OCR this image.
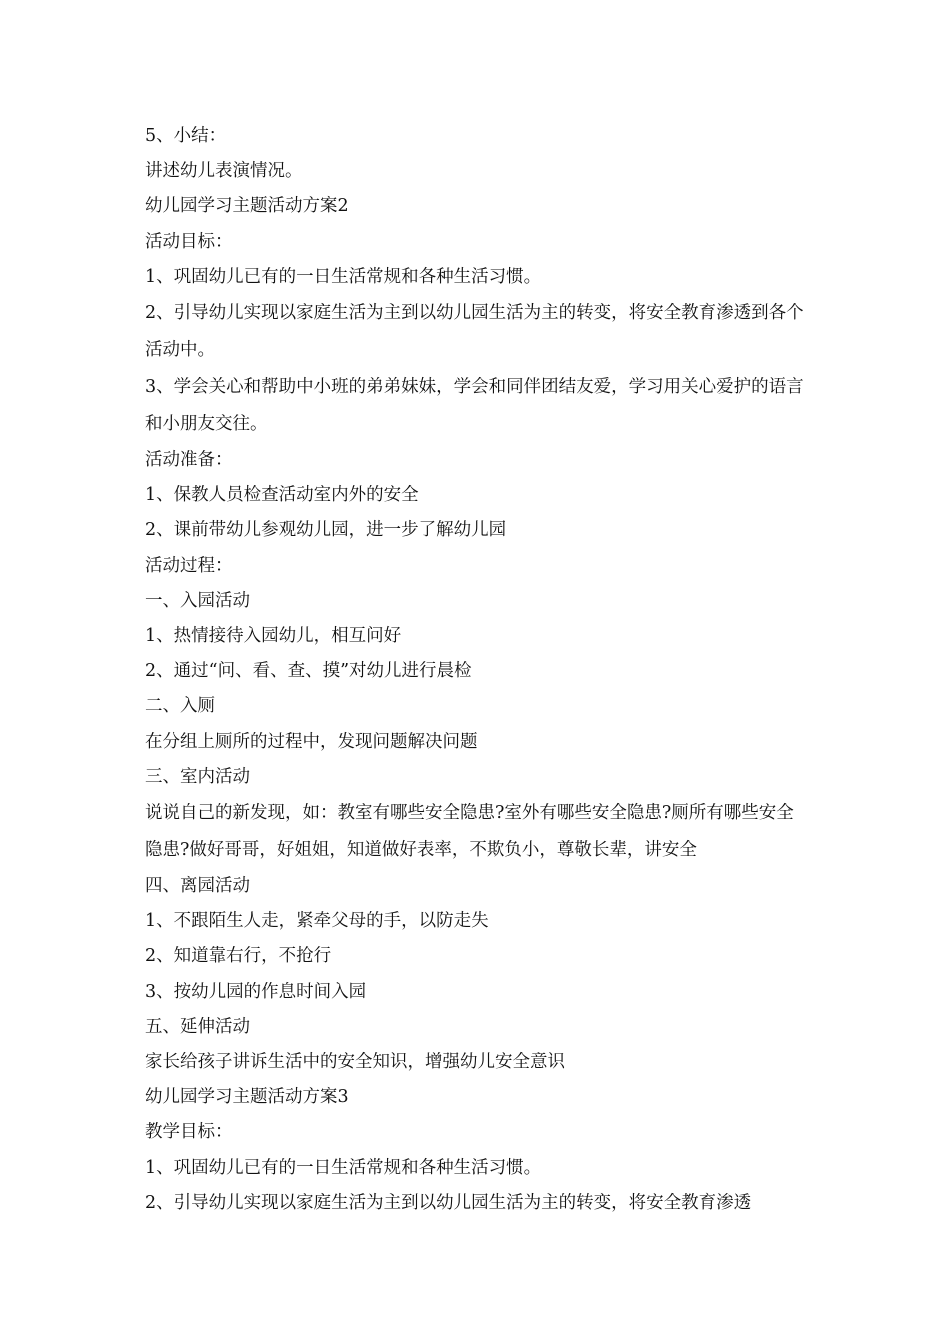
5、小结：

讲述幼儿表演情况。

幼儿园学习主题活动方案2

活动目标：

1、巩固幼儿已有的一日生活常规和各种生活习惯。

2、引导幼儿实现以家庭生活为主到以幼儿园生活为主的转变，将安全教育渗透到各个活动中。

3、学会关心和帮助中小班的弟弟妹妹，学会和同伴团结友爱，学习用关心爱护的语言和小朋友交往。

活动准备：

1、保教人员检查活动室内外的安全

2、课前带幼儿参观幼儿园，进一步了解幼儿园

活动过程：

一、入园活动

1、热情接待入园幼儿，相互问好

2、通过“问、看、查、摸”对幼儿进行晨检

二、入厕

在分组上厕所的过程中，发现问题解决问题

三、室内活动

说说自己的新发现，如：教室有哪些安全隐患?室外有哪些安全隐患?厕所有哪些安全隐患?做好哥哥，好姐姐，知道做好表率，不欺负小，尊敬长辈，讲安全

四、离园活动

1、不跟陌生人走，紧牵父母的手，以防走失

2、知道靠右行，不抢行

3、按幼儿园的作息时间入园

五、延伸活动

家长给孩子讲诉生活中的安全知识，增强幼儿安全意识

幼儿园学习主题活动方案3

教学目标：

1、巩固幼儿已有的一日生活常规和各种生活习惯。

2、引导幼儿实现以家庭生活为主到以幼儿园生活为主的转变，将安全教育渗透
